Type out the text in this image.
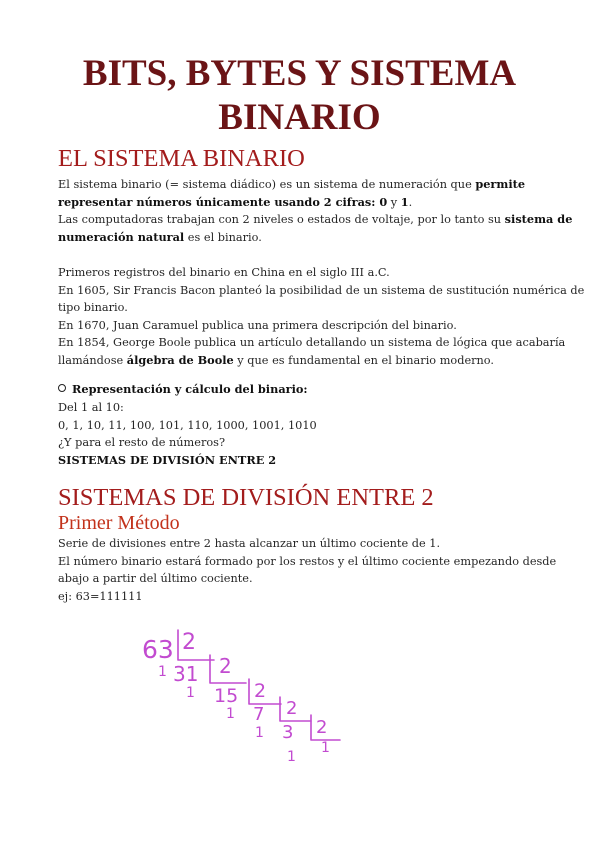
BITS, BYTES Y SISTEMA
BINARIO
EL SISTEMA BINARIO

El sistema binario (= sistema diádico) es un sistema de numeración que permite
representar números únicamente usando 2 cifras: 0 y 1.
Las computadoras trabajan con 2 niveles o estados de voltaje, por lo tanto su sistema de
numeración natural es el binario.

Primeros registros del binario en China en el siglo III a.C.
En 1605, Sir Francis Bacon planteó la posibilidad de un sistema de sustitución numérica de
tipo binario.
En 1670, Juan Caramuel publica una primera descripción del binario.
En 1854, George Boole publica un artículo detallando un sistema de lógica que acabaría
llamándose álgebra de Boole y que es fundamental en el binario moderno.

Representación y cálculo del binario:

Del 1 al 10:
0, 1, 10, 11, 100, 101, 110, 1000, 1001, 1010
¿Y para el resto de números?
SISTEMAS DE DIVISIÓN ENTRE 2

SISTEMAS DE DIVISIÓN ENTRE 2
Primer Método

Serie de divisiones entre 2 hasta alcanzar un último cociente de 1.
El número binario estará formado por los restos y el último cociente empezando desde
abajo a partir del último cociente.
ej: 63=111111

63 2
31 2
15 2
7 2
3 2
1
1
1
1
1
1
